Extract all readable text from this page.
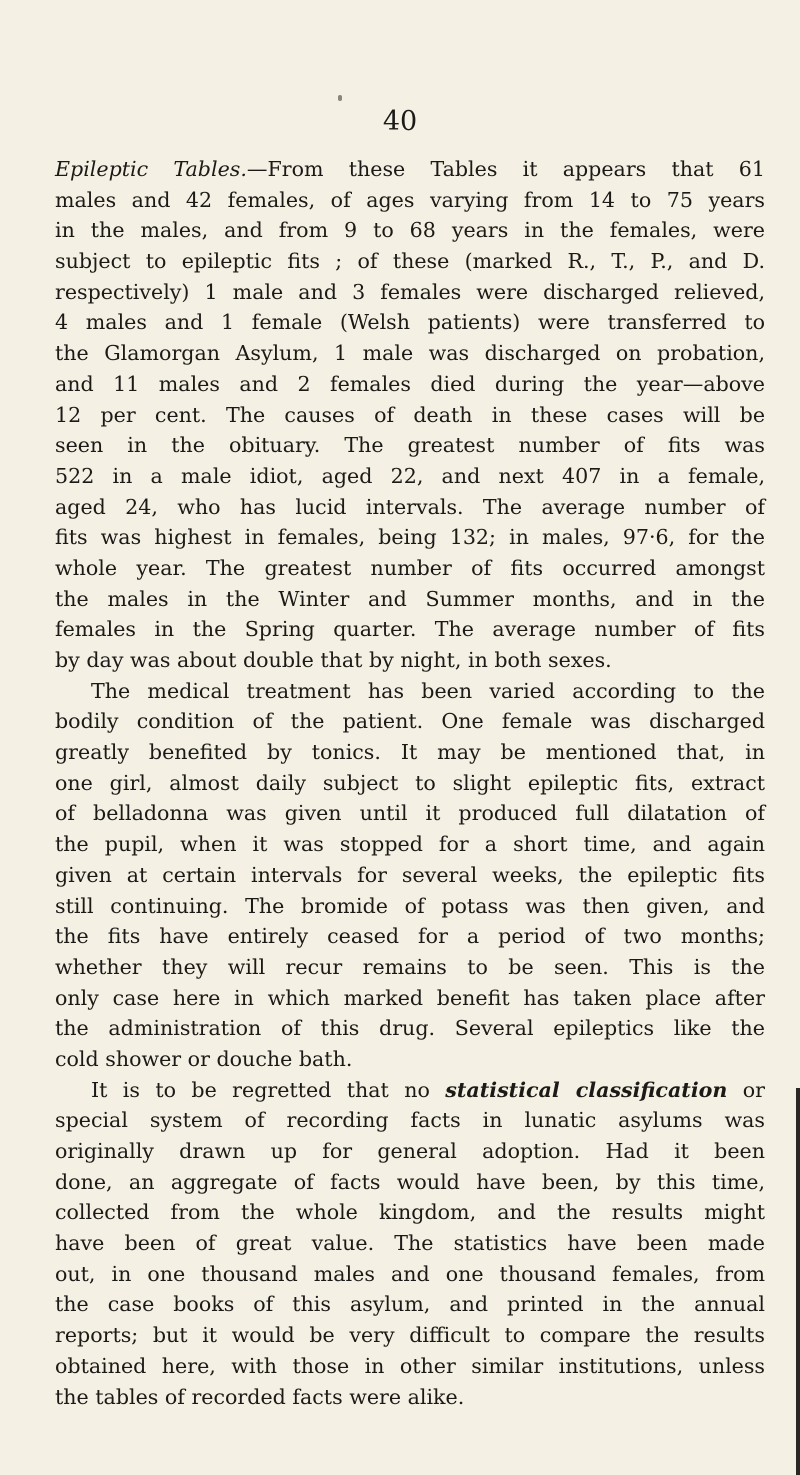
40
Epileptic Tables.—From these Tables it appears that 61
males and 42 females, of ages varying from 14 to 75 years
in the males, and from 9 to 68 years in the females, were
subject to epileptic fits ; of these (marked R., T., P., and D.
respectively) 1 male and 3 females were discharged relieved,
4 males and 1 female (Welsh patients) were transferred to
the Glamorgan Asylum, 1 male was discharged on probation,
and 11 males and 2 females died during the year—above
12 per cent. The causes of death in these cases will be
seen in the obituary. The greatest number of fits was
522 in a male idiot, aged 22, and next 407 in a female,
aged 24, who has lucid intervals. The average number of
fits was highest in females, being 132; in males, 97·6, for the
whole year. The greatest number of fits occurred amongst
the males in the Winter and Summer months, and in the
females in the Spring quarter. The average number of fits
by day was about double that by night, in both sexes.
The medical treatment has been varied according to the
bodily condition of the patient. One female was discharged
greatly benefited by tonics. It may be mentioned that, in
one girl, almost daily subject to slight epileptic fits, extract
of belladonna was given until it produced full dilatation of
the pupil, when it was stopped for a short time, and again
given at certain intervals for several weeks, the epileptic fits
still continuing. The bromide of potass was then given, and
the fits have entirely ceased for a period of two months;
whether they will recur remains to be seen. This is the
only case here in which marked benefit has taken place after
the administration of this drug. Several epileptics like the
cold shower or douche bath.
It is to be regretted that no statistical classification or
special system of recording facts in lunatic asylums was
originally drawn up for general adoption. Had it been
done, an aggregate of facts would have been, by this time,
collected from the whole kingdom, and the results might
have been of great value. The statistics have been made
out, in one thousand males and one thousand females, from
the case books of this asylum, and printed in the annual
reports; but it would be very difficult to compare the results
obtained here, with those in other similar institutions, unless
the tables of recorded facts were alike.
